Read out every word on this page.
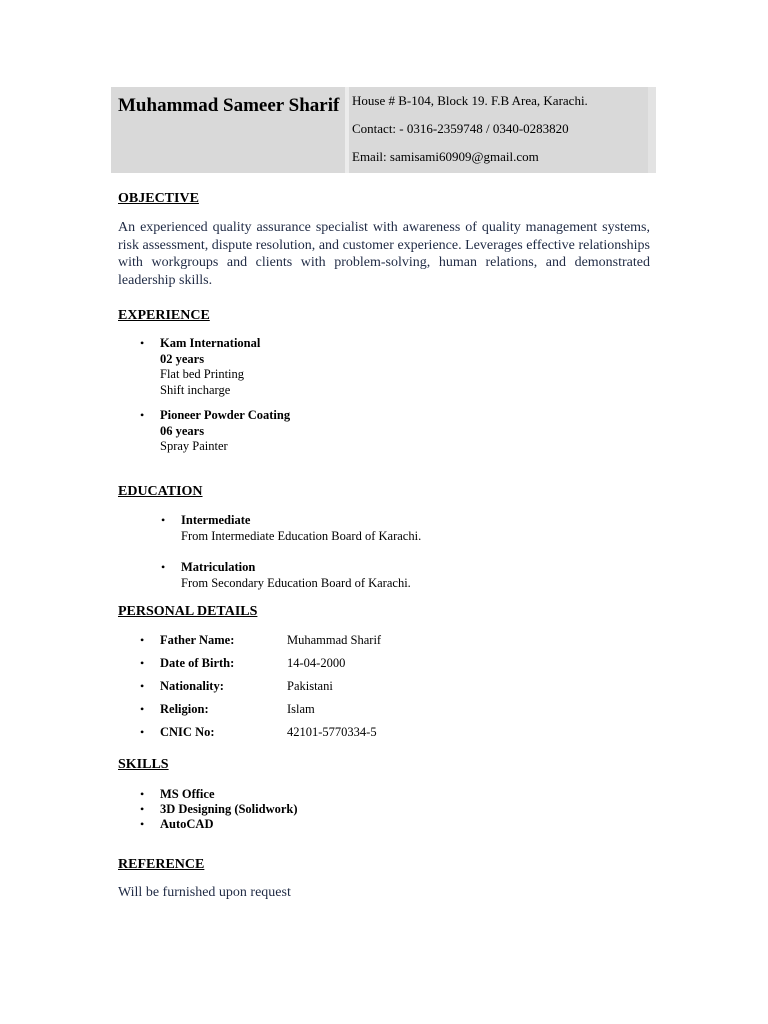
Muhammad Sameer Sharif House # B-104, Block 19. F.B Area, Karachi.
Contact: - 0316-2359748 / 0340-0283820
Email: samisami60909@gmail.com
OBJECTIVE

An experienced quality assurance specialist with awareness of quality management systems, risk assessment, dispute resolution, and customer experience. Leverages effective relationships with workgroups and clients with problem-solving, human relations, and demonstrated leadership skills.

EXPERIENCE
• Kam International
02 years
Flat bed Printing
Shift incharge
• Pioneer Powder Coating
06 years
Spray Painter
EDUCATION
• Intermediate
From Intermediate Education Board of Karachi.
• Matriculation
From Secondary Education Board of Karachi.
PERSONAL DETAILS
• Father Name:	Muhammad Sharif
• Date of Birth:	14-04-2000
• Nationality:	Pakistani
• Religion:	Islam
• CNIC No:	42101-5770334-5
SKILLS
• MS Office
• 3D Designing (Solidwork)
• AutoCAD
REFERENCE
Will be furnished upon request
